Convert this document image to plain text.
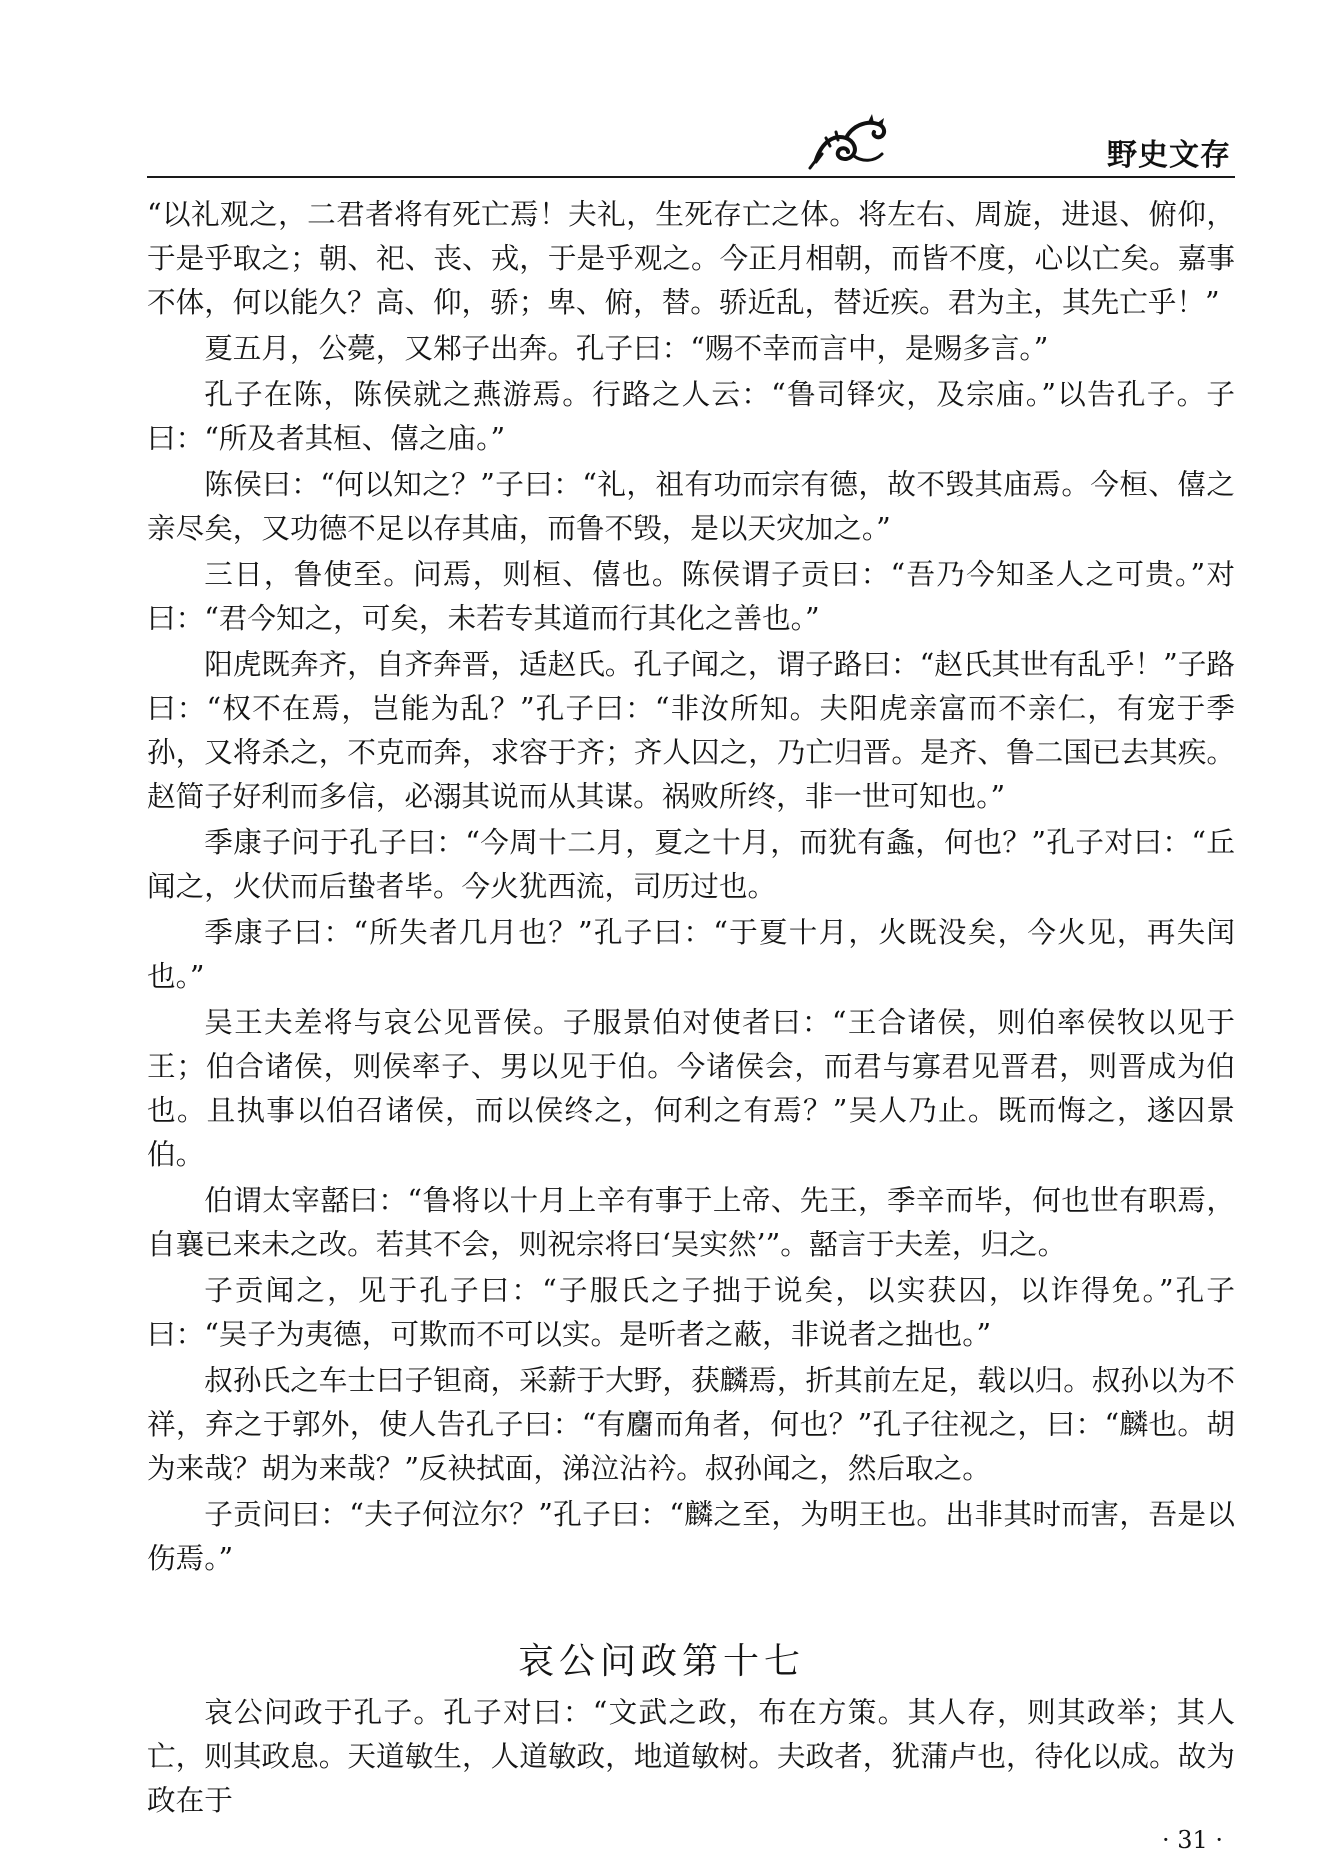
野史文存

“以礼观之，二君者将有死亡焉！夫礼，生死存亡之体。将左右、周旋，进退、俯仰，于是乎取之；朝、祀、丧、戎，于是乎观之。今正月相朝，而皆不度，心以亡矣。嘉事不体，何以能久？高、仰，骄；卑、俯，替。骄近乱，替近疾。君为主，其先亡乎！”

夏五月，公薨，又邾子出奔。孔子曰：“赐不幸而言中，是赐多言。”

孔子在陈，陈侯就之燕游焉。行路之人云：“鲁司铎灾，及宗庙。”以告孔子。子曰：“所及者其桓、僖之庙。”

陈侯曰：“何以知之？”子曰：“礼，祖有功而宗有德，故不毁其庙焉。今桓、僖之亲尽矣，又功德不足以存其庙，而鲁不毁，是以天灾加之。”

三日，鲁使至。问焉，则桓、僖也。陈侯谓子贡曰：“吾乃今知圣人之可贵。”对曰：“君今知之，可矣，未若专其道而行其化之善也。”

阳虎既奔齐，自齐奔晋，适赵氏。孔子闻之，谓子路曰：“赵氏其世有乱乎！”子路曰：“权不在焉，岂能为乱？”孔子曰：“非汝所知。夫阳虎亲富而不亲仁，有宠于季孙，又将杀之，不克而奔，求容于齐；齐人囚之，乃亡归晋。是齐、鲁二国已去其疾。赵简子好利而多信，必溺其说而从其谋。祸败所终，非一世可知也。”

季康子问于孔子曰：“今周十二月，夏之十月，而犹有螽，何也？”孔子对曰：“丘闻之，火伏而后蛰者毕。今火犹西流，司历过也。

季康子曰：“所失者几月也？”孔子曰：“于夏十月，火既没矣，今火见，再失闰也。”

吴王夫差将与哀公见晋侯。子服景伯对使者曰：“王合诸侯，则伯率侯牧以见于王；伯合诸侯，则侯率子、男以见于伯。今诸侯会，而君与寡君见晋君，则晋成为伯也。且执事以伯召诸侯，而以侯终之，何利之有焉？”吴人乃止。既而悔之，遂囚景伯。

伯谓太宰嚭曰：“鲁将以十月上辛有事于上帝、先王，季辛而毕，何也世有职焉，自襄已来未之改。若其不会，则祝宗将曰‘吴实然’”。嚭言于夫差，归之。

子贡闻之，见于孔子曰：“子服氏之子拙于说矣，以实获囚，以诈得免。”孔子曰：“吴子为夷德，可欺而不可以实。是听者之蔽，非说者之拙也。”

叔孙氏之车士曰子钽商，采薪于大野，获麟焉，折其前左足，载以归。叔孙以为不祥，弃之于郭外，使人告孔子曰：“有麕而角者，何也？”孔子往视之，曰：“麟也。胡为来哉？胡为来哉？”反袂拭面，涕泣沾衿。叔孙闻之，然后取之。

子贡问曰：“夫子何泣尔？”孔子曰：“麟之至，为明王也。出非其时而害，吾是以伤焉。”

哀公问政第十七

哀公问政于孔子。孔子对曰：“文武之政，布在方策。其人存，则其政举；其人亡，则其政息。天道敏生，人道敏政，地道敏树。夫政者，犹蒲卢也，待化以成。故为政在于

· 31 ·
